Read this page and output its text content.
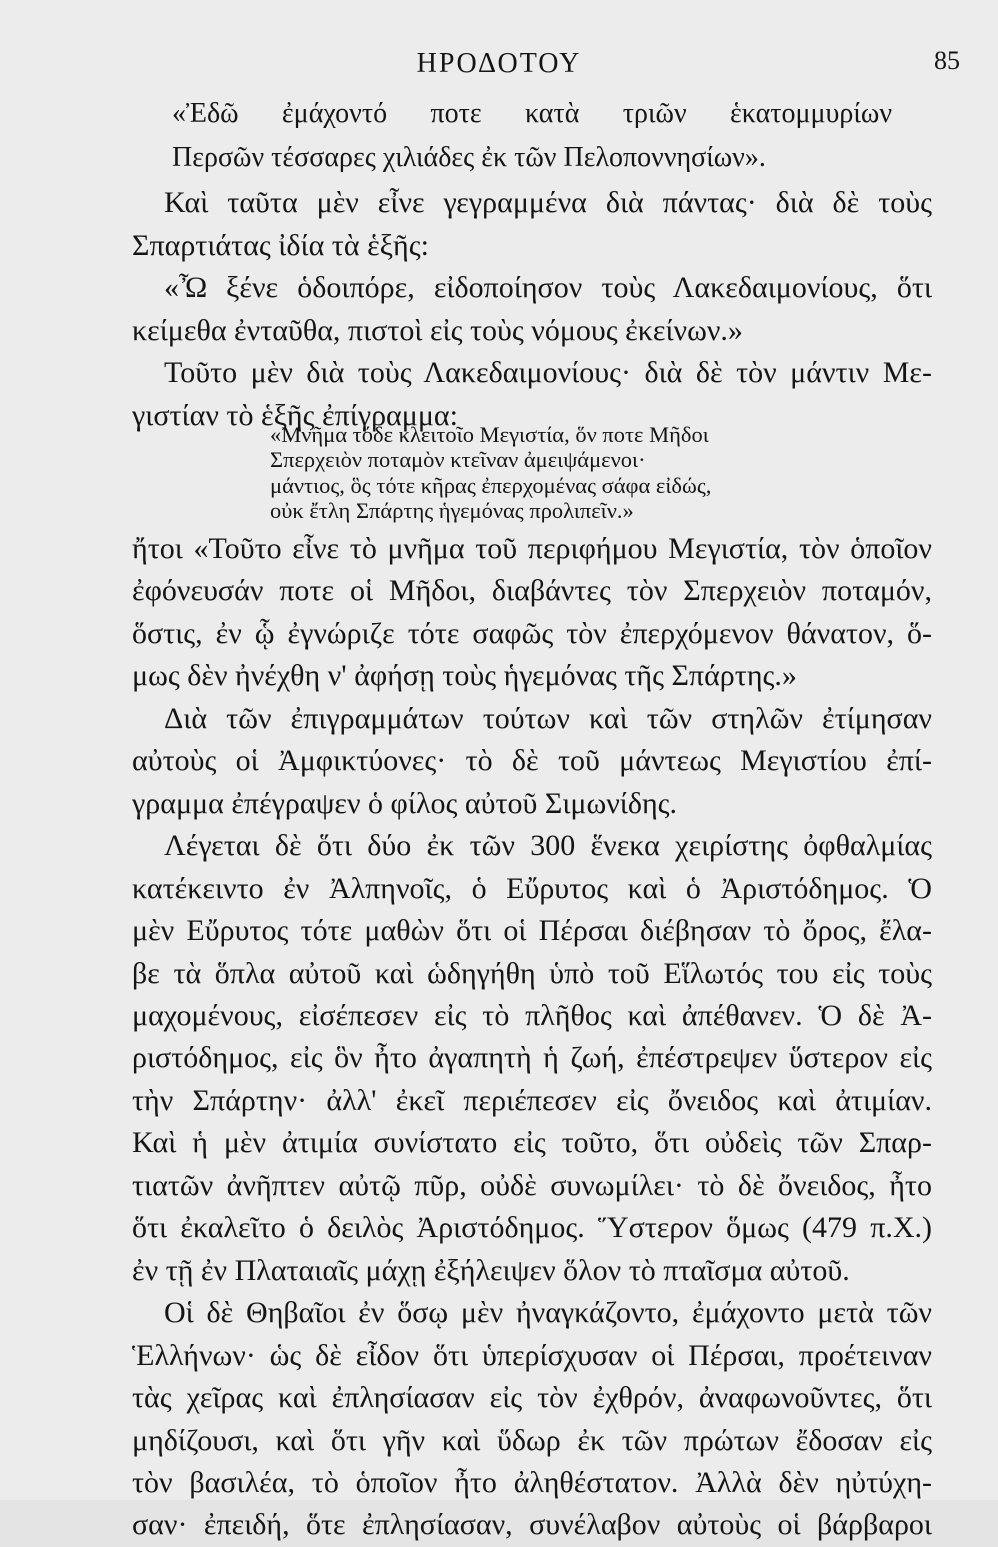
ΗΡΟΔΟΤΟΥ	85
«Ἐδῶ ἐμάχοντό ποτε κατὰ τριῶν ἑκατομμυρίων
Περσῶν τέσσαρες χιλιάδες ἐκ τῶν Πελοποννησίων».
Καὶ ταῦτα μὲν εἶνε γεγραμμένα διὰ πάντας· διὰ δὲ τοὺς
Σπαρτιάτας ἰδία τὰ ἑξῆς:
«Ὦ ξένε ὁδοιπόρε, εἰδοποίησον τοὺς Λακεδαιμονίους, ὅτι
κείμεθα ἐνταῦθα, πιστοὶ εἰς τοὺς νόμους ἐκείνων.»
Τοῦτο μὲν διὰ τοὺς Λακεδαιμονίους· διὰ δὲ τὸν μάντιν Με-
γιστίαν τὸ ἑξῆς ἐπίγραμμα:
«Μνῆμα τόδε κλειτοῖο Μεγιστία, ὅν ποτε Μῆδοι
Σπερχειὸν ποταμὸν κτεῖναν ἀμειψάμενοι·
μάντιος, ὃς τότε κῆρας ἐπερχομένας σάφα εἰδώς,
οὐκ ἔτλη Σπάρτης ἡγεμόνας προλιπεῖν.»
ἤτοι «Τοῦτο εἶνε τὸ μνῆμα τοῦ περιφήμου Μεγιστία, τὸν ὁποῖον
ἐφόνευσάν ποτε οἱ Μῆδοι, διαβάντες τὸν Σπερχειὸν ποταμόν,
ὅστις, ἐν ᾧ ἐγνώριζε τότε σαφῶς τὸν ἐπερχόμενον θάνατον, ὅ-
μως δὲν ἠνέχθη ν' ἀφήσῃ τοὺς ἡγεμόνας τῆς Σπάρτης.»
Διὰ τῶν ἐπιγραμμάτων τούτων καὶ τῶν στηλῶν ἐτίμησαν
αὐτοὺς οἱ Ἀμφικτύονες· τὸ δὲ τοῦ μάντεως Μεγιστίου ἐπί-
γραμμα ἐπέγραψεν ὁ φίλος αὐτοῦ Σιμωνίδης.
Λέγεται δὲ ὅτι δύο ἐκ τῶν 300 ἕνεκα χειρίστης ὀφθαλμίας
κατέκειντο ἐν Ἀλπηνοῖς, ὁ Εὔρυτος καὶ ὁ Ἀριστόδημος. Ὁ
μὲν Εὔρυτος τότε μαθὼν ὅτι οἱ Πέρσαι διέβησαν τὸ ὄρος, ἔλα-
βε τὰ ὅπλα αὐτοῦ καὶ ὡδηγήθη ὑπὸ τοῦ Εἵλωτός του εἰς τοὺς
μαχομένους, εἰσέπεσεν εἰς τὸ πλῆθος καὶ ἀπέθανεν. Ὁ δὲ Ἀ-
ριστόδημος, εἰς ὃν ἦτο ἀγαπητὴ ἡ ζωή, ἐπέστρεψεν ὕστερον εἰς
τὴν Σπάρτην· ἀλλ' ἐκεῖ περιέπεσεν εἰς ὄνειδος καὶ ἀτιμίαν.
Καὶ ἡ μὲν ἀτιμία συνίστατο εἰς τοῦτο, ὅτι οὐδεὶς τῶν Σπαρ-
τιατῶν ἀνῆπτεν αὐτῷ πῦρ, οὐδὲ συνωμίλει· τὸ δὲ ὄνειδος, ἦτο
ὅτι ἐκαλεῖτο ὁ δειλὸς Ἀριστόδημος. Ὕστερον ὅμως (479 π.Χ.)
ἐν τῇ ἐν Πλαταιαῖς μάχῃ ἐξήλειψεν ὅλον τὸ πταῖσμα αὐτοῦ.
Οἱ δὲ Θηβαῖοι ἐν ὅσῳ μὲν ἠναγκάζοντο, ἐμάχοντο μετὰ τῶν
Ἑλλήνων· ὡς δὲ εἶδον ὅτι ὑπερίσχυσαν οἱ Πέρσαι, προέτειναν
τὰς χεῖρας καὶ ἐπλησίασαν εἰς τὸν ἐχθρόν, ἀναφωνοῦντες, ὅτι
μηδίζουσι, καὶ ὅτι γῆν καὶ ὕδωρ ἐκ τῶν πρώτων ἔδοσαν εἰς
τὸν βασιλέα, τὸ ὁποῖον ἦτο ἀληθέστατον. Ἀλλὰ δὲν ηὐτύχη-
σαν· ἐπειδή, ὅτε ἐπλησίασαν, συνέλαβον αὐτοὺς οἱ βάρβαροι
